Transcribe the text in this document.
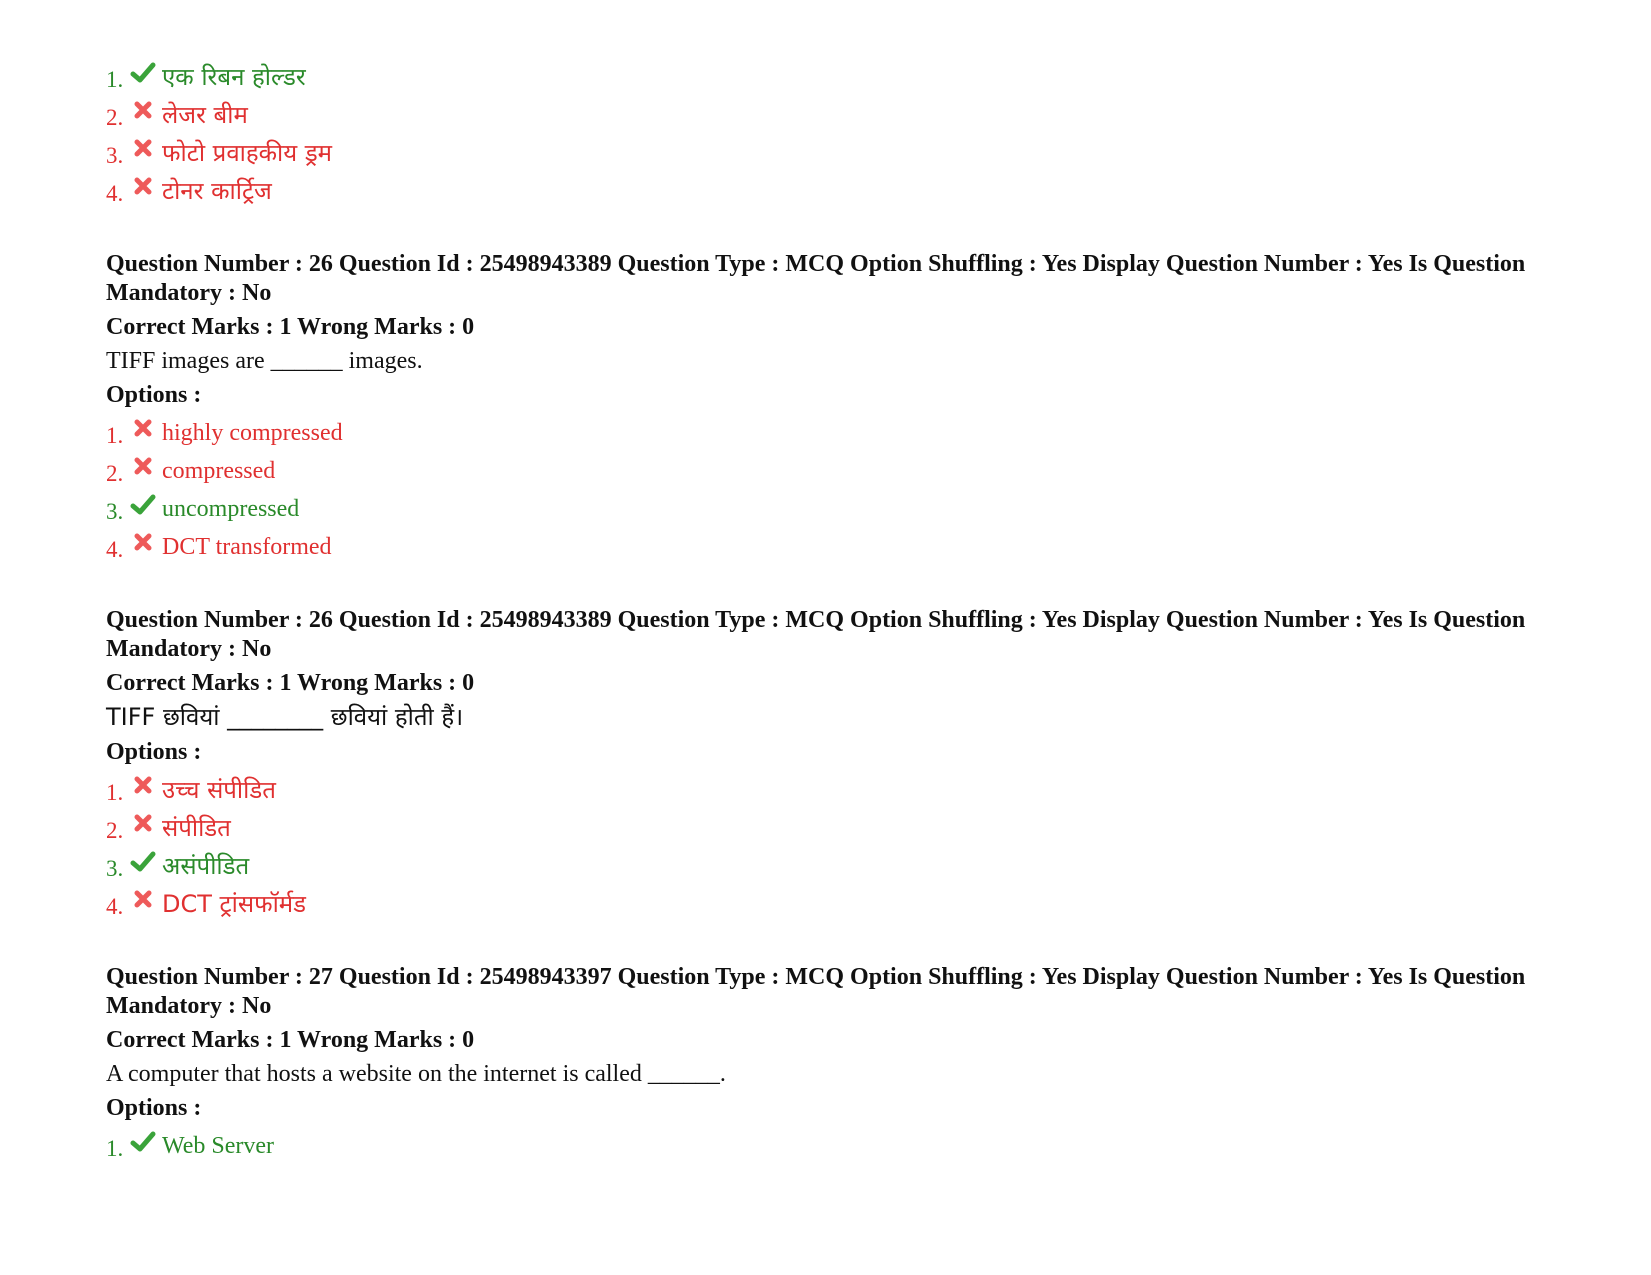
1. एक रिबन होल्डर
2. लेजर बीम
3. फोटो प्रवाहकीय ड्रम
4. टोनर कार्ट्रिज
Question Number : 26 Question Id : 25498943389 Question Type : MCQ Option Shuffling : Yes Display Question Number : Yes Is Question Mandatory : No
Correct Marks : 1 Wrong Marks : 0
TIFF images are ______ images.
Options :
1. highly compressed
2. compressed
3. uncompressed
4. DCT transformed
Question Number : 26 Question Id : 25498943389 Question Type : MCQ Option Shuffling : Yes Display Question Number : Yes Is Question Mandatory : No
Correct Marks : 1 Wrong Marks : 0
TIFF छवियां ________ छवियां होती हैं।
Options :
1. उच्च संपीडित
2. संपीडित
3. असंपीडित
4. DCT ट्रांसफॉर्मड
Question Number : 27 Question Id : 25498943397 Question Type : MCQ Option Shuffling : Yes Display Question Number : Yes Is Question Mandatory : No
Correct Marks : 1 Wrong Marks : 0
A computer that hosts a website on the internet is called ______.
Options :
1. Web Server
